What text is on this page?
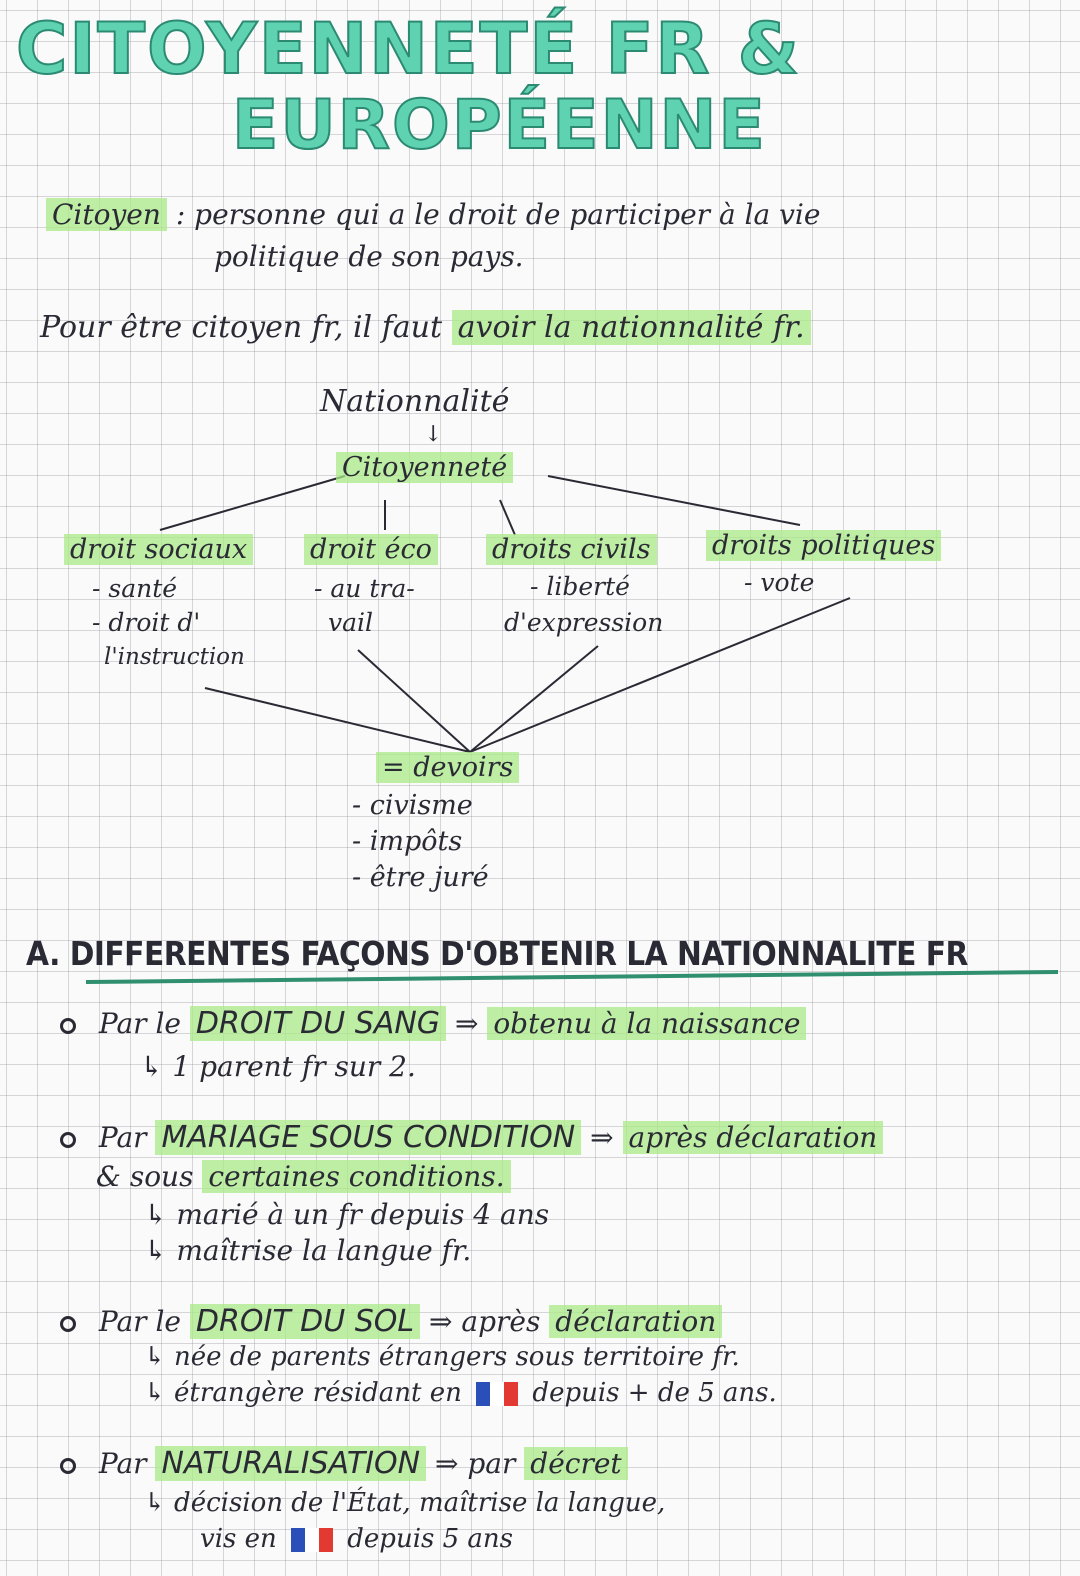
CITOYENNETÉ FR &
EUROPÉENNE
Citoyen : personne qui a le droit de participer à la vie
politique de son pays.
Pour être citoyen fr, il faut avoir la nationnalité fr.
Nationnalité
↓
Citoyenneté
droit sociaux
- santé
- droit d'
l'instruction
droit éco
- au tra-
vail
droits civils
- liberté
d'expression
droits politiques
- vote
= devoirs
- civisme
- impôts
- être juré
A. DIFFERENTES FAÇONS D'OBTENIR LA NATIONNALITE FR
Par le DROIT DU SANG ⇒ obtenu à la naissance
↳ 1 parent fr sur 2.
Par MARIAGE SOUS CONDITION ⇒ après déclaration
& sous certaines conditions.
↳ marié à un fr depuis 4 ans
↳ maîtrise la langue fr.
Par le DROIT DU SOL ⇒ après déclaration
↳ née de parents étrangers sous territoire fr.
↳ étrangère résidant en	depuis + de 5 ans.
Par NATURALISATION ⇒ par décret
↳ décision de l'État, maîtrise la langue,
vis en	depuis 5 ans
